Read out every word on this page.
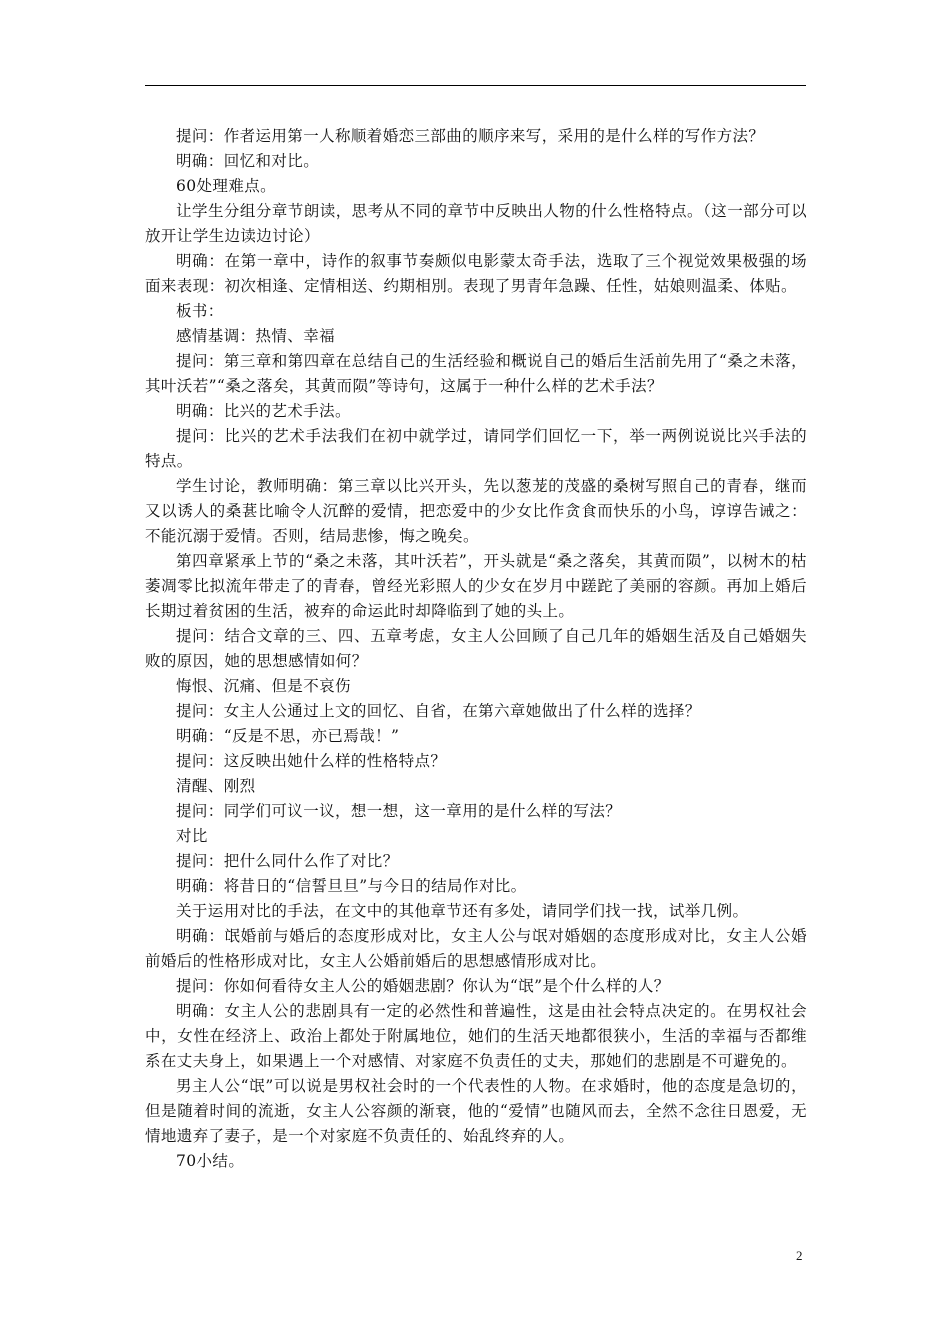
提问：作者运用第一人称顺着婚恋三部曲的顺序来写，采用的是什么样的写作方法？

明确：回忆和对比。

60处理难点。

让学生分组分章节朗读，思考从不同的章节中反映出人物的什么性格特点。（这一部分可以放开让学生边读边讨论）

明确：在第一章中，诗作的叙事节奏颇似电影蒙太奇手法，选取了三个视觉效果极强的场面来表现：初次相逢、定情相送、约期相別。表现了男青年急躁、任性，姑娘则温柔、体贴。

板书：

感情基调：热情、幸福

提问：第三章和第四章在总结自己的生活经验和概说自己的婚后生活前先用了“桑之未落，其叶沃若”“桑之落矣，其黄而陨”等诗句，这属于一种什么样的艺术手法？

明确：比兴的艺术手法。

提问：比兴的艺术手法我们在初中就学过，请同学们回忆一下，举一两例说说比兴手法的特点。

学生讨论，教师明确：第三章以比兴开头，先以葱茏的茂盛的桑树写照自己的青春，继而又以诱人的桑葚比喻令人沉醉的爱情，把恋爱中的少女比作贪食而快乐的小鸟，谆谆告诫之：不能沉溺于爱情。否则，结局悲惨，悔之晚矣。

第四章紧承上节的“桑之未落，其叶沃若”，开头就是“桑之落矣，其黄而陨”，以树木的枯萎凋零比拟流年带走了的青春，曾经光彩照人的少女在岁月中蹉跎了美丽的容颜。再加上婚后长期过着贫困的生活，被弃的命运此时却降临到了她的头上。

提问：结合文章的三、四、五章考虑，女主人公回顾了自己几年的婚姻生活及自己婚姻失败的原因，她的思想感情如何？

悔恨、沉痛、但是不哀伤

提问：女主人公通过上文的回忆、自省，在第六章她做出了什么样的选择？

明确：“反是不思，亦已焉哉！”

提问：这反映出她什么样的性格特点？

清醒、刚烈

提问：同学们可议一议，想一想，这一章用的是什么样的写法？

对比

提问：把什么同什么作了对比？

明确：将昔日的“信誓旦旦”与今日的结局作对比。

关于运用对比的手法，在文中的其他章节还有多处，请同学们找一找，试举几例。

明确：氓婚前与婚后的态度形成对比，女主人公与氓对婚姻的态度形成对比，女主人公婚前婚后的性格形成对比，女主人公婚前婚后的思想感情形成对比。

提问：你如何看待女主人公的婚姻悲剧？你认为“氓”是个什么样的人？

明确：女主人公的悲剧具有一定的必然性和普遍性，这是由社会特点决定的。在男权社会中，女性在经济上、政治上都处于附属地位，她们的生活天地都很狭小，生活的幸福与否都维系在丈夫身上，如果遇上一个对感情、对家庭不负责任的丈夫，那她们的悲剧是不可避免的。

男主人公“氓”可以说是男权社会时的一个代表性的人物。在求婚时，他的态度是急切的，但是随着时间的流逝，女主人公容颜的渐衰，他的“爱情”也随风而去，全然不念往日恩爱，无情地遗弃了妻子，是一个对家庭不负责任的、始乱终弃的人。

70小结。

2
